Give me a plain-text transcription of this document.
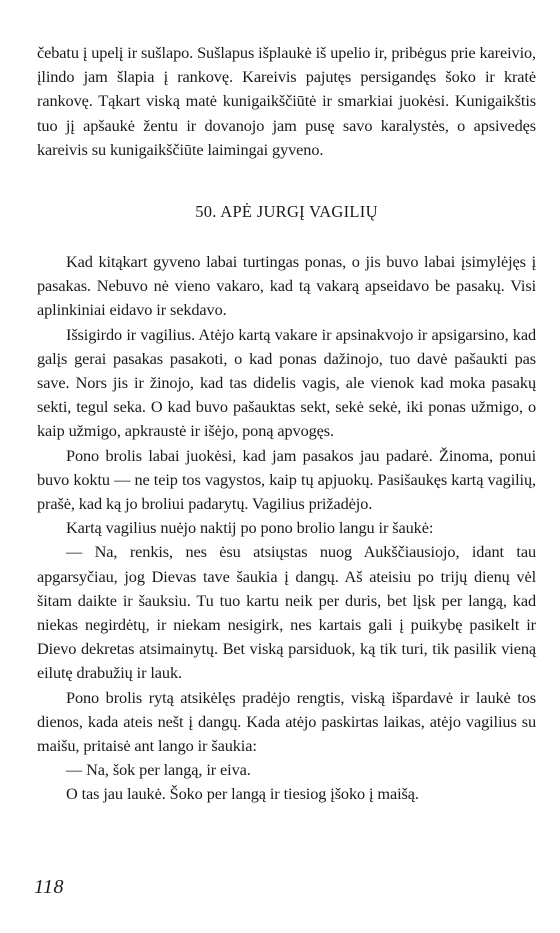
čebatu į upelį ir sušlapo. Sušlapus išplaukė iš upelio ir, pribėgus prie kareivio, įlindo jam šlapia į rankovę. Kareivis pajutęs persigandęs šoko ir kratė rankovę. Tąkart viską matė kunigaikščiūtė ir smarkiai juokėsi. Kunigaikštis tuo jį apšaukė žentu ir dovanojo jam pusę savo karalystės, o apsivedęs kareivis su kunigaikščiūte laimingai gyveno.

50. APĖ JURGĮ VAGILIŲ

Kad kitąkart gyveno labai turtingas ponas, o jis buvo labai įsimylėjęs į pasakas. Nebuvo nė vieno vakaro, kad tą vakarą apseidavo be pasakų. Visi aplinkiniai eidavo ir sekdavo.

Išsigirdo ir vagilius. Atėjo kartą vakare ir apsinakvojo ir apsigarsino, kad galįs gerai pasakas pasakoti, o kad ponas dažinojo, tuo davė pašaukti pas save. Nors jis ir žinojo, kad tas didelis vagis, ale vienok kad moka pasakų sekti, tegul seka. O kad buvo pašauktas sekt, sekė sekė, iki ponas užmigo, o kaip užmigo, apkraustė ir išėjo, poną apvogęs.

Pono brolis labai juokėsi, kad jam pasakos jau padarė. Žinoma, ponui buvo koktu — ne teip tos vagystos, kaip tų apjuokų. Pasišaukęs kartą vagilių, prašė, kad ką jo broliui padarytų. Vagilius prižadėjo.

Kartą vagilius nuėjo naktij po pono brolio langu ir šaukė:

— Na, renkis, nes ėsu atsiųstas nuog Aukščiausiojo, idant tau apgarsyčiau, jog Dievas tave šaukia į dangų. Aš ateisiu po trijų dienų vėl šitam daikte ir šauksiu. Tu tuo kartu neik per duris, bet lįsk per langą, kad niekas negirdėtų, ir niekam nesigirk, nes kartais gali į puikybę pasikelt ir Dievo dekretas atsimainytų. Bet viską parsiduok, ką tik turi, tik pasilik vieną eilutę drabužių ir lauk.

Pono brolis rytą atsikėlęs pradėjo rengtis, viską išpardavė ir laukė tos dienos, kada ateis nešt į dangų. Kada atėjo paskirtas laikas, atėjo vagilius su maišu, pritaisė ant lango ir šaukia:

— Na, šok per langą, ir eiva.

O tas jau laukė. Šoko per langą ir tiesiog įšoko į maišą.

118
